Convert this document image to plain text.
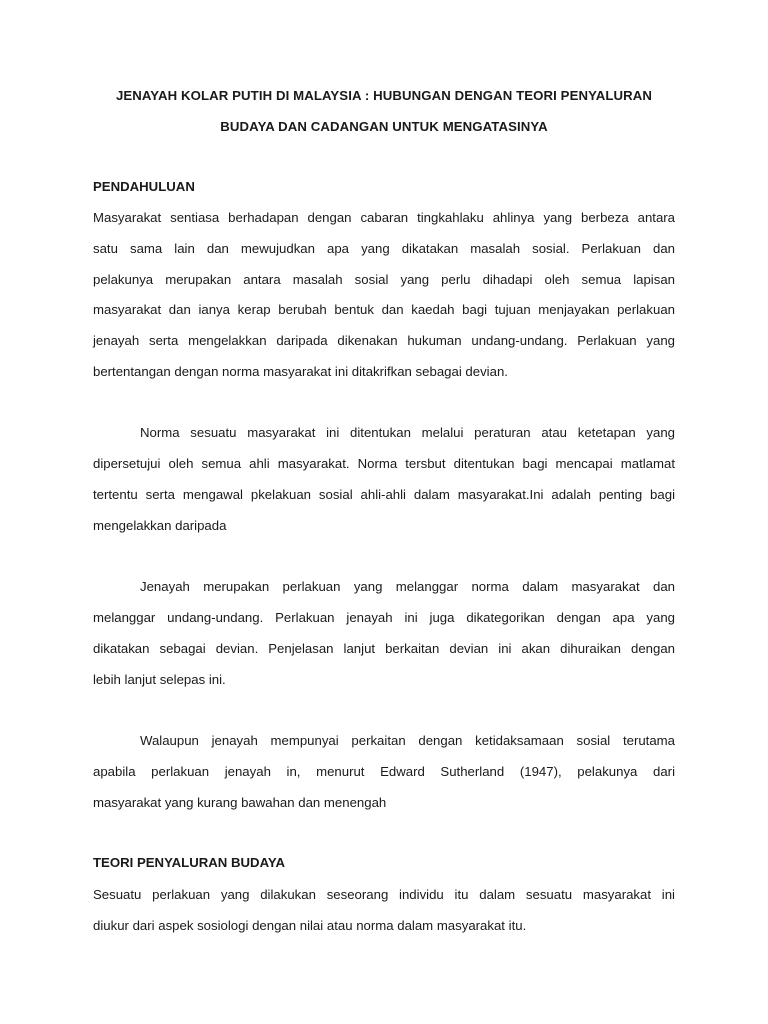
JENAYAH KOLAR PUTIH DI MALAYSIA : HUBUNGAN DENGAN TEORI PENYALURAN
BUDAYA DAN CADANGAN UNTUK MENGATASINYA
PENDAHULUAN
Masyarakat sentiasa berhadapan dengan cabaran tingkahlaku ahlinya yang berbeza antara
satu sama lain dan mewujudkan apa yang dikatakan masalah sosial. Perlakuan dan
pelakunya merupakan antara masalah sosial yang perlu dihadapi oleh semua lapisan
masyarakat dan ianya kerap berubah bentuk dan kaedah bagi tujuan menjayakan perlakuan
jenayah serta mengelakkan daripada dikenakan hukuman undang-undang. Perlakuan yang
bertentangan dengan norma masyarakat ini ditakrifkan sebagai devian.
Norma sesuatu masyarakat ini ditentukan melalui peraturan atau ketetapan yang
dipersetujui oleh semua ahli masyarakat. Norma tersbut ditentukan bagi mencapai matlamat
tertentu serta mengawal pkelakuan sosial ahli-ahli dalam masyarakat.Ini adalah penting bagi
mengelakkan daripada
Jenayah merupakan perlakuan yang melanggar norma dalam masyarakat dan
melanggar undang-undang. Perlakuan jenayah ini juga dikategorikan dengan apa yang
dikatakan sebagai devian. Penjelasan lanjut berkaitan devian ini akan dihuraikan dengan
lebih lanjut selepas ini.
Walaupun jenayah mempunyai perkaitan dengan ketidaksamaan sosial terutama
apabila perlakuan jenayah in, menurut Edward Sutherland (1947), pelakunya dari
masyarakat yang kurang bawahan dan menengah
TEORI PENYALURAN BUDAYA
Sesuatu perlakuan yang dilakukan seseorang individu itu dalam sesuatu masyarakat ini
diukur dari aspek sosiologi dengan nilai atau norma dalam masyarakat itu.
